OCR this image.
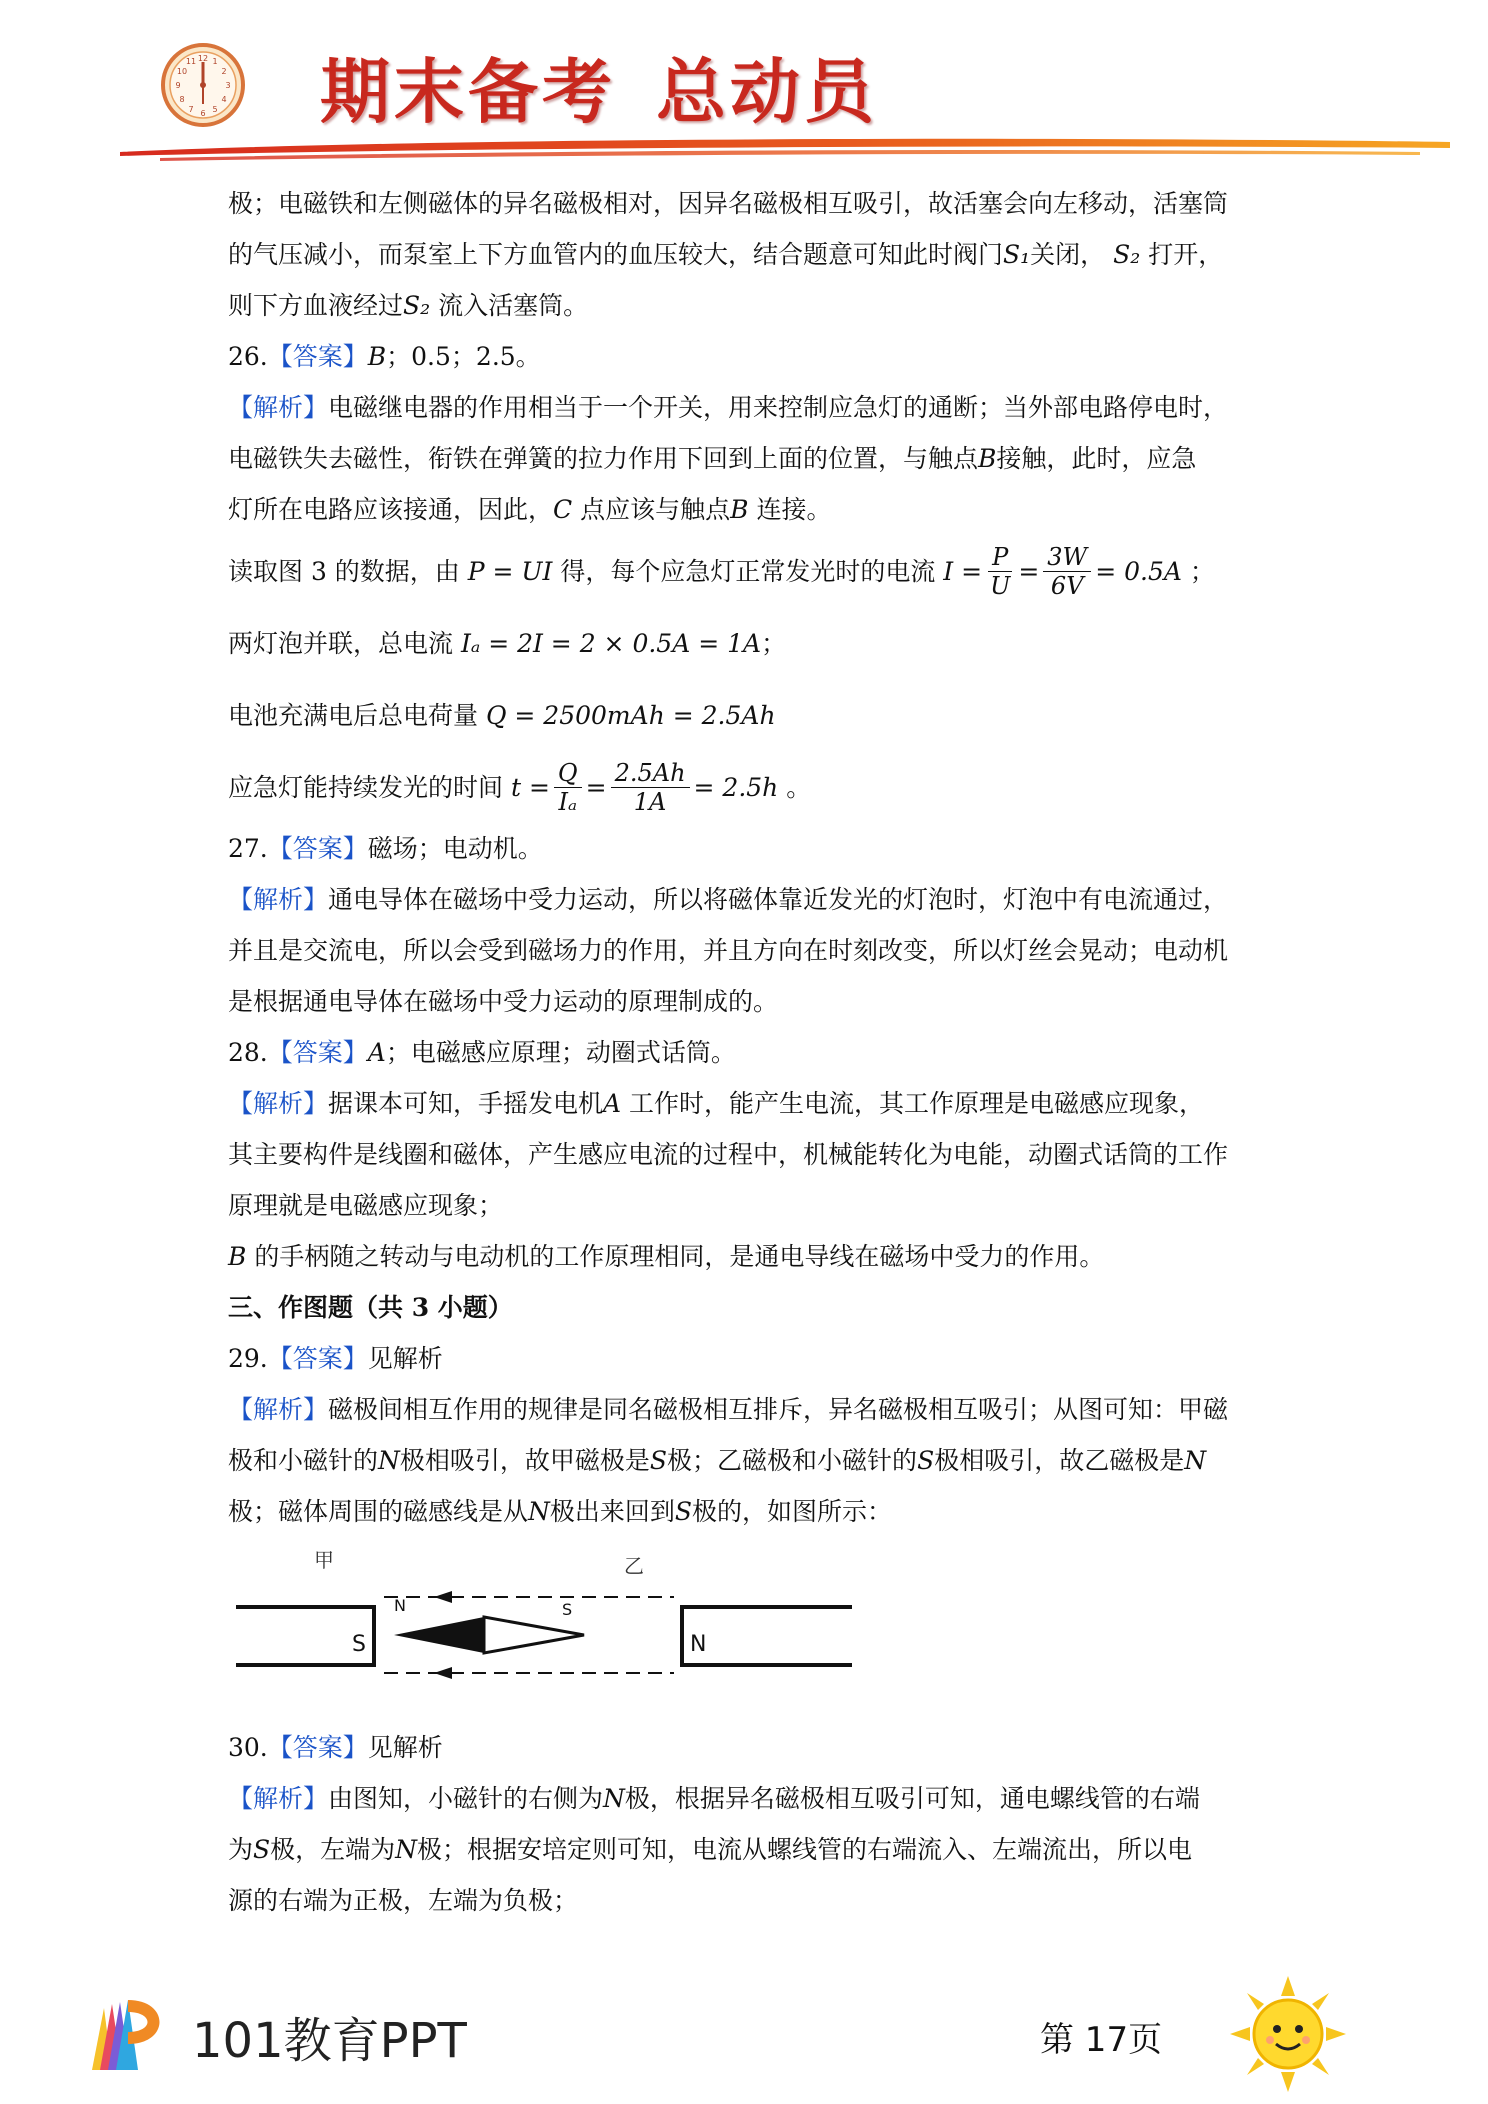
12 1
2
3
4
5
6
7
8
9
10
11 期末备考 总动员

极；电磁铁和左侧磁体的异名磁极相对，因异名磁极相互吸引，故活塞会向左移动，活塞筒

的气压减小，而泵室上下方血管内的血压较大，结合题意可知此时阀门S₁关闭， S₂ 打开，

则下方血液经过S₂ 流入活塞筒。

26.【答案】B；0.5；2.5。

【解析】电磁继电器的作用相当于一个开关，用来控制应急灯的通断；当外部电路停电时，

电磁铁失去磁性，衔铁在弹簧的拉力作用下回到上面的位置，与触点B接触，此时，应急

灯所在电路应该接通，因此，C 点应该与触点B 连接。

读取图 3 的数据，由
P = UI
得，每个应急灯正常发光时的电流
$I = \frac{P}{U} = \frac{3W}{6V} = 0.5A$
；

两灯泡并联，总电流
Iₐ
= 2I = 2 × 0.5A = 1A ；

电池充满电后总电荷量
Q = 2500mAh = 2.5Ah

应急灯能持续发光的时间
$t = \frac{Q}{\text{Iₐ}} = \frac{2.5Ah}{1A} = 2.5h$
。

27.【答案】磁场；电动机。

【解析】通电导体在磁场中受力运动，所以将磁体靠近发光的灯泡时，灯泡中有电流通过，

并且是交流电，所以会受到磁场力的作用，并且方向在时刻改变，所以灯丝会晃动；电动机

是根据通电导体在磁场中受力运动的原理制成的。

28.【答案】A；电磁感应原理；动圈式话筒。

【解析】据课本可知，手摇发电机A 工作时，能产生电流，其工作原理是电磁感应现象，

其主要构件是线圈和磁体，产生感应电流的过程中，机械能转化为电能，动圈式话筒的工作

原理就是电磁感应现象；

B 的手柄随之转动与电动机的工作原理相同，是通电导线在磁场中受力的作用。

三、作图题（共 3 小题）

29.【答案】见解析

【解析】磁极间相互作用的规律是同名磁极相互排斥，异名磁极相互吸引；从图可知：甲磁

极和小磁针的N极相吸引，故甲磁极是S极；乙磁极和小磁针的S极相吸引，故乙磁极是N

极；磁体周围的磁感线是从N极出来回到S极的，如图所示：

甲	乙
S	N
N	S

30.【答案】见解析

【解析】由图知，小磁针的右侧为N极，根据异名磁极相互吸引可知，通电螺线管的右端

为S极，左端为N极；根据安培定则可知，电流从螺线管的右端流入、左端流出，所以电

源的右端为正极，左端为负极；

101教育PPT	第 17页
